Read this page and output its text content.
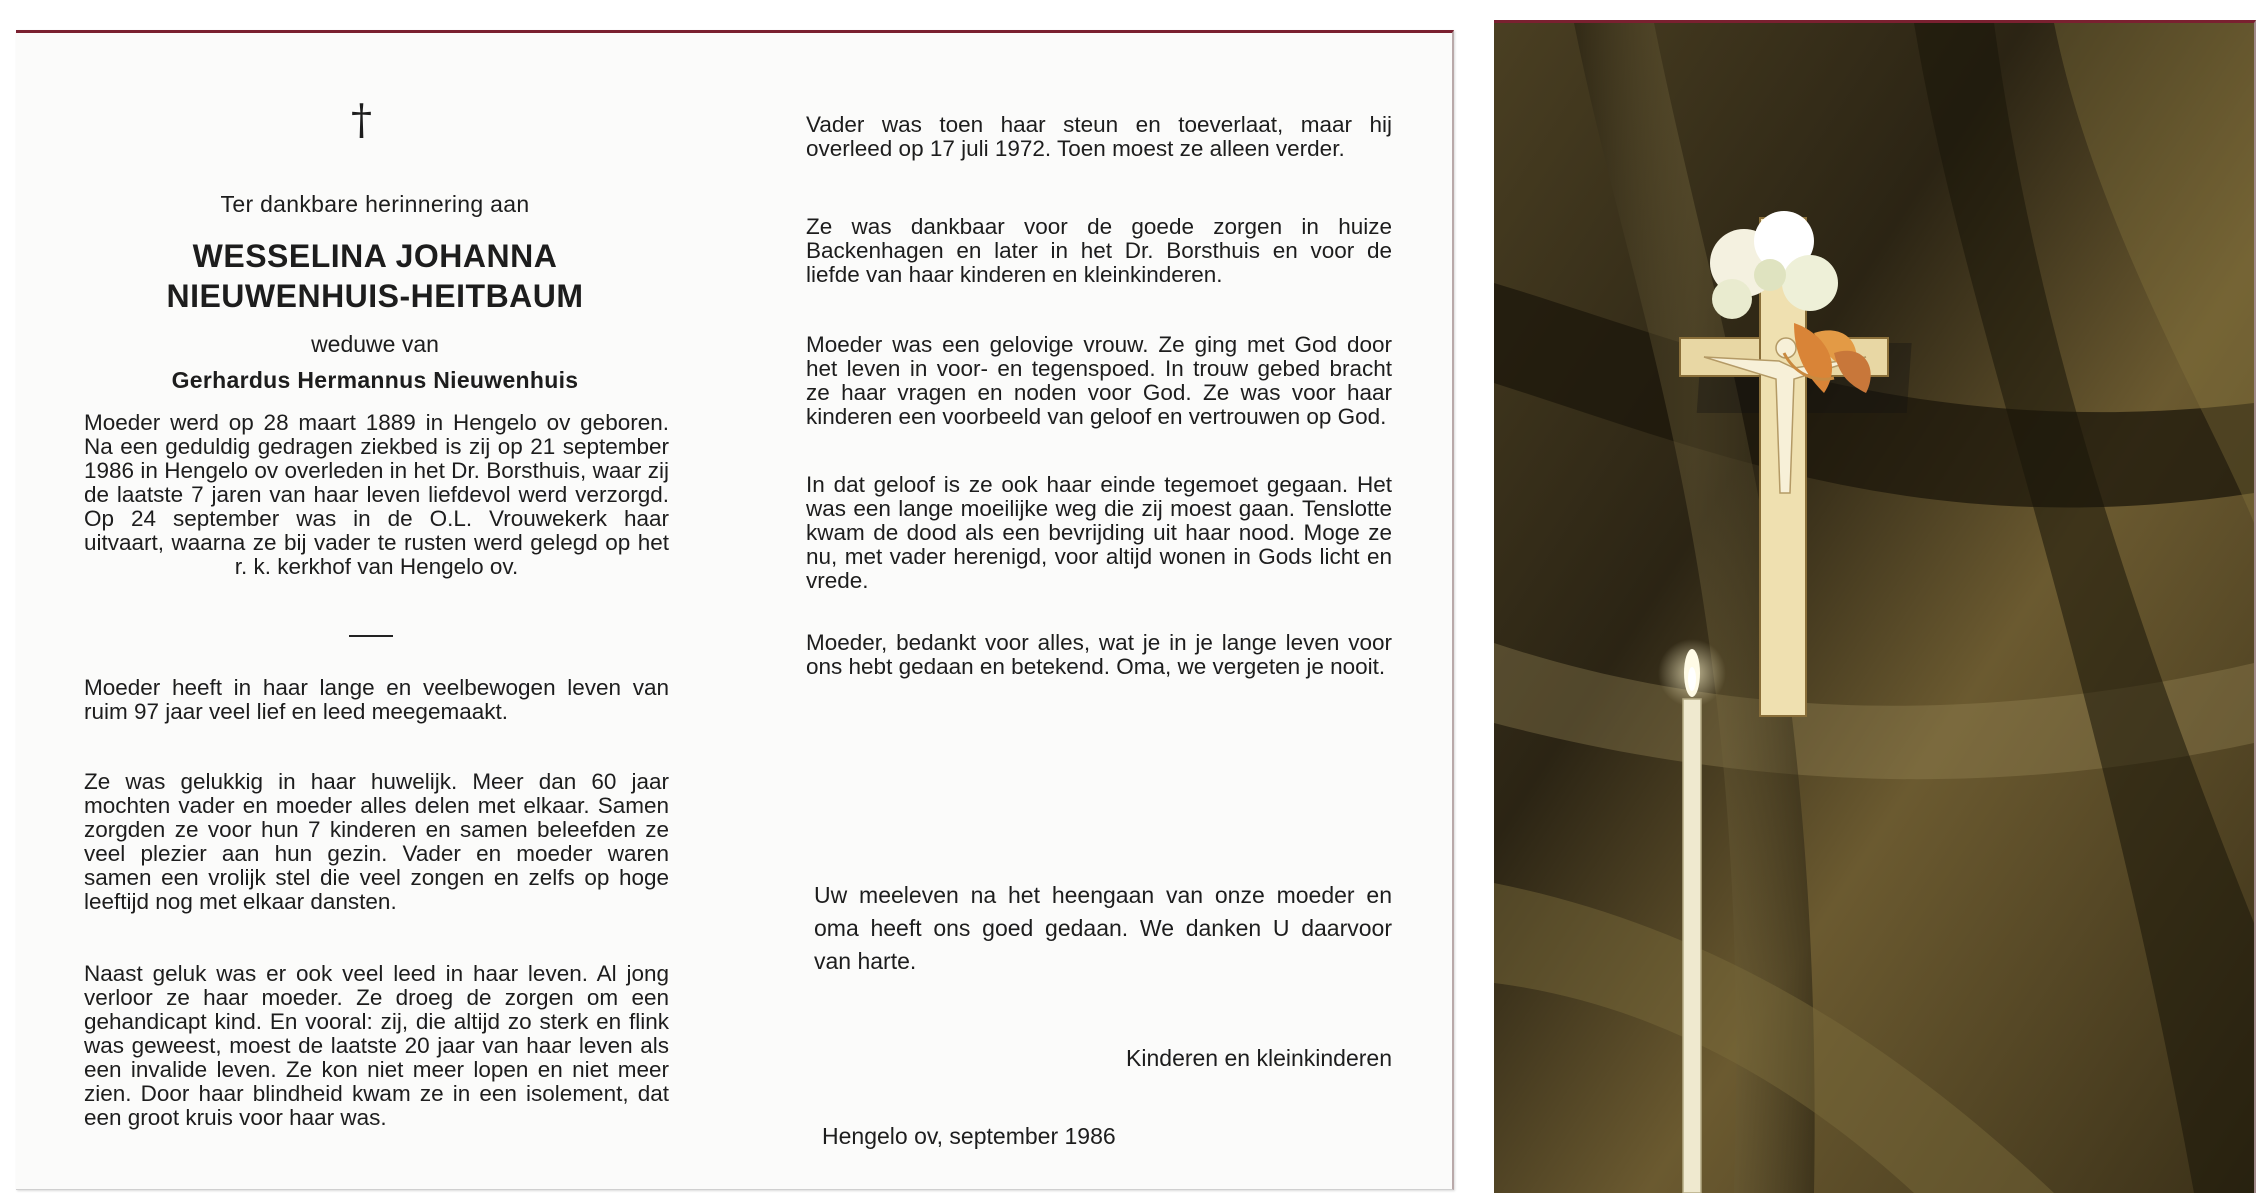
†
Ter dankbare herinnering aan
WESSELINA JOHANNA
NIEUWENHUIS-HEITBAUM
weduwe van
Gerhardus Hermannus Nieuwenhuis

Moeder werd op 28 maart 1889 in Hengelo ov geboren. Na een geduldig gedragen ziekbed is zij op 21 september 1986 in Hengelo ov overleden in het Dr. Borsthuis, waar zij de laatste 7 jaren van haar leven liefdevol werd verzorgd. Op 24 september was in de O.L. Vrouwekerk haar uitvaart, waarna ze bij vader te rusten werd gelegd op het r. k. kerkhof van Hengelo ov.

Moeder heeft in haar lange en veelbewogen leven van ruim 97 jaar veel lief en leed meegemaakt.

Ze was gelukkig in haar huwelijk. Meer dan 60 jaar mochten vader en moeder alles delen met elkaar. Samen zorgden ze voor hun 7 kinderen en samen beleefden ze veel plezier aan hun gezin. Vader en moeder waren samen een vrolijk stel die veel zongen en zelfs op hoge leeftijd nog met elkaar dansten.

Naast geluk was er ook veel leed in haar leven. Al jong verloor ze haar moeder. Ze droeg de zorgen om een gehandicapt kind. En vooral: zij, die altijd zo sterk en flink was geweest, moest de laatste 20 jaar van haar leven als een invalide leven. Ze kon niet meer lopen en niet meer zien. Door haar blindheid kwam ze in een isolement, dat een groot kruis voor haar was.

Vader was toen haar steun en toeverlaat, maar hij overleed op 17 juli 1972. Toen moest ze alleen verder.

Ze was dankbaar voor de goede zorgen in huize Backenhagen en later in het Dr. Borsthuis en voor de liefde van haar kinderen en kleinkinderen.

Moeder was een gelovige vrouw. Ze ging met God door het leven in voor- en tegenspoed. In trouw gebed bracht ze haar vragen en noden voor God. Ze was voor haar kinderen een voorbeeld van geloof en vertrouwen op God.

In dat geloof is ze ook haar einde tegemoet gegaan. Het was een lange moeilijke weg die zij moest gaan. Tenslotte kwam de dood als een bevrijding uit haar nood. Moge ze nu, met vader herenigd, voor altijd wonen in Gods licht en vrede.

Moeder, bedankt voor alles, wat je in je lange leven voor ons hebt gedaan en betekend. Oma, we vergeten je nooit.

Uw meeleven na het heengaan van onze moeder en oma heeft ons goed gedaan. We danken U daarvoor van harte.

Kinderen en kleinkinderen
Hengelo ov, september 1986
